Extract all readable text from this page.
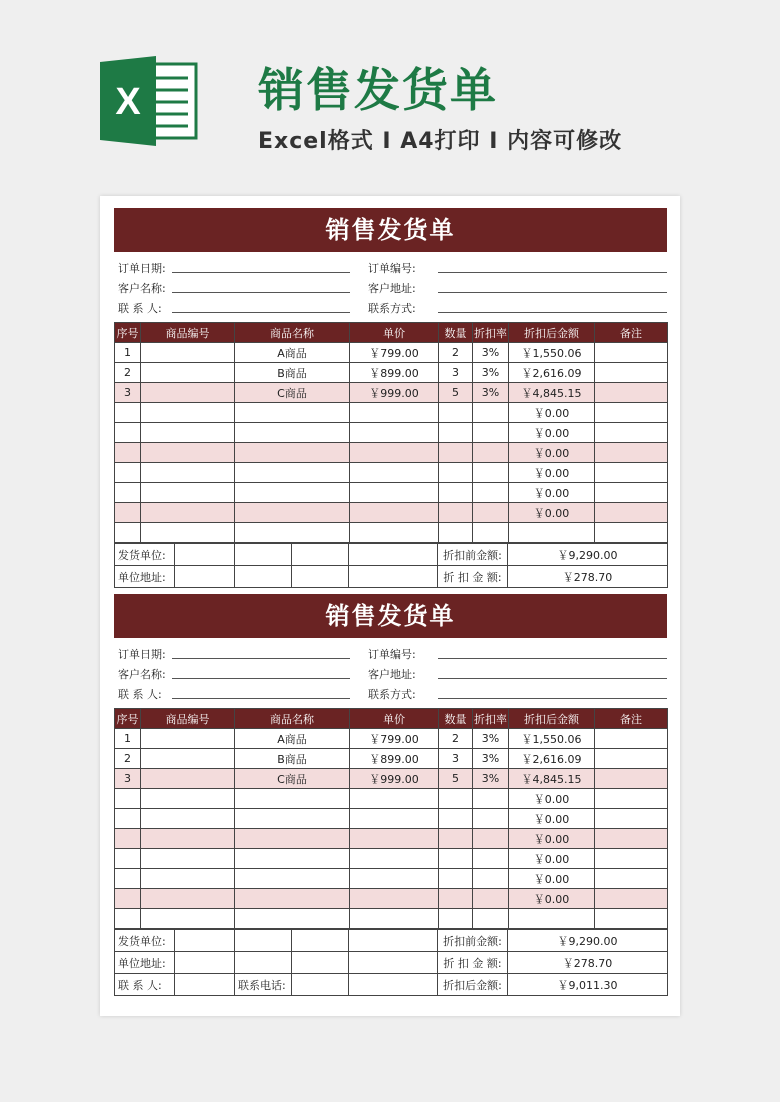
X	销售发货单
Excel格式 I A4打印 I 内容可修改
销售发货单
订单日期:	订单编号:
客户名称:	客户地址:
联 系 人:	联系方式:
序号	商品编号	商品名称	单价	数量	折扣率	折扣后金额	备注
1		A商品	￥799.00	2	3%	￥1,550.06	
2		B商品	￥899.00	3	3%	￥2,616.09	
3		C商品	￥999.00	5	3%	￥4,845.15	
						￥0.00	
						￥0.00	
						￥0.00	
						￥0.00	
						￥0.00	
						￥0.00	

发货单位:					折扣前金额:	￥9,290.00
单位地址:					折 扣 金 额:	￥278.70
销售发货单
订单日期:	订单编号:
客户名称:	客户地址:
联 系 人:	联系方式:
序号	商品编号	商品名称	单价	数量	折扣率	折扣后金额	备注
1		A商品	￥799.00	2	3%	￥1,550.06	
2		B商品	￥899.00	3	3%	￥2,616.09	
3		C商品	￥999.00	5	3%	￥4,845.15	
						￥0.00	
						￥0.00	
						￥0.00	
						￥0.00	
						￥0.00	
						￥0.00	

发货单位:					折扣前金额:	￥9,290.00
单位地址:					折 扣 金 额:	￥278.70
联 系 人:		联系电话:			折扣后金额:	￥9,011.30
